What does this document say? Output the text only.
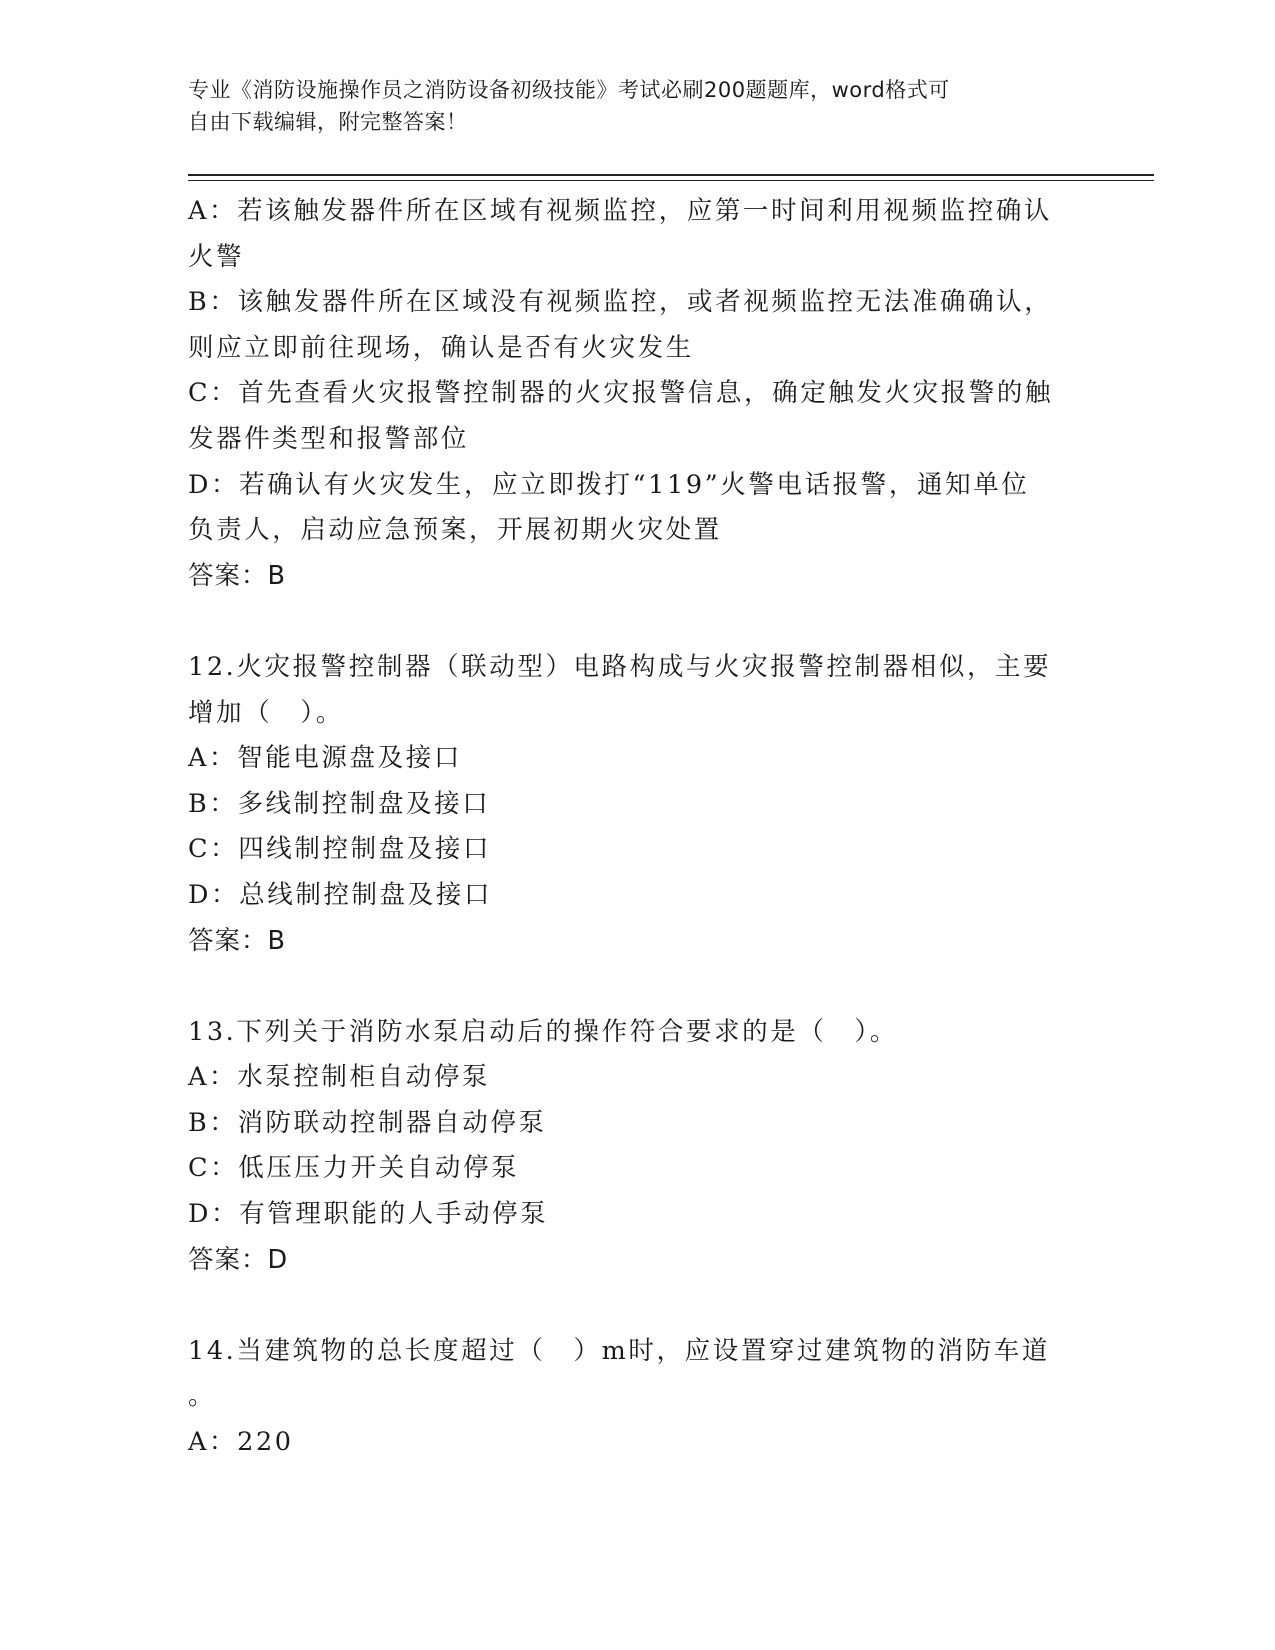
专业《消防设施操作员之消防设备初级技能》考试必刷200题题库，word格式可

自由下载编辑，附完整答案！

A：若该触发器件所在区域有视频监控，应第一时间利用视频监控确认
火警
B：该触发器件所在区域没有视频监控，或者视频监控无法准确确认，
则应立即前往现场，确认是否有火灾发生
C：首先查看火灾报警控制器的火灾报警信息，确定触发火灾报警的触
发器件类型和报警部位
D：若确认有火灾发生，应立即拨打“119”火警电话报警，通知单位
负责人，启动应急预案，开展初期火灾处置
答案：B
12.火灾报警控制器（联动型）电路构成与火灾报警控制器相似，主要
增加（　）。
A：智能电源盘及接口
B：多线制控制盘及接口
C：四线制控制盘及接口
D：总线制控制盘及接口
答案：B
13.下列关于消防水泵启动后的操作符合要求的是（　）。
A：水泵控制柜自动停泵
B：消防联动控制器自动停泵
C：低压压力开关自动停泵
D：有管理职能的人手动停泵
答案：D
14.当建筑物的总长度超过（　）m时，应设置穿过建筑物的消防车道
。
A：220
